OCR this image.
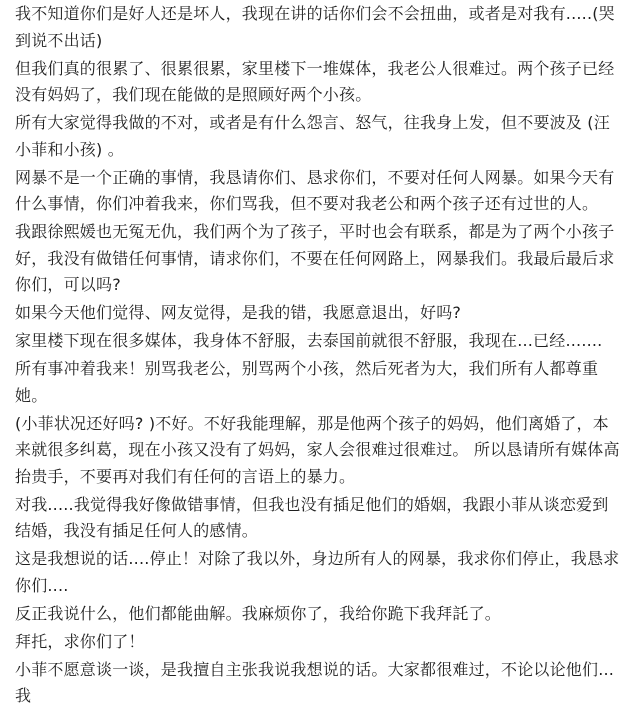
我不知道你们是好人还是坏人，我现在讲的话你们会不会扭曲，或者是对我有.....(哭到说不出话)

但我们真的很累了、很累很累，家里楼下一堆媒体，我老公人很难过。两个孩子已经没有妈妈了，我们现在能做的是照顾好两个小孩。

所有大家觉得我做的不对，或者是有什么怨言、怒气，往我身上发，但不要波及 (汪小菲和小孩) 。

网暴不是一个正确的事情，我恳请你们、恳求你们，不要对任何人网暴。如果今天有什么事情，你们冲着我来，你们骂我，但不要对我老公和两个孩子还有过世的人。

我跟徐熙媛也无冤无仇，我们两个为了孩子，平时也会有联系，都是为了两个小孩子好，我没有做错任何事情，请求你们，不要在任何网路上，网暴我们。我最后最后求你们，可以吗?

如果今天他们觉得、网友觉得，是我的错，我愿意退出，好吗?

家里楼下现在很多媒体，我身体不舒服，去泰国前就很不舒服，我现在...已经.......

所有事冲着我来！别骂我老公，别骂两个小孩，然后死者为大，我们所有人都尊重她。

(小菲状况还好吗? )不好。不好我能理解，那是他两个孩子的妈妈，他们离婚了，本来就很多纠葛，现在小孩又没有了妈妈，家人会很难过很难过。 所以恳请所有媒体高抬贵手，不要再对我们有任何的言语上的暴力。

对我.....我觉得我好像做错事情，但我也没有插足他们的婚姻，我跟小菲从谈恋爱到结婚，我没有插足任何人的感情。

这是我想说的话....停止！对除了我以外，身边所有人的网暴，我求你们停止，我恳求你们....

反正我说什么，他们都能曲解。我麻烦你了，我给你跪下我拜託了。

拜托，求你们了！

小菲不愿意谈一谈，是我擅自主张我说我想说的话。大家都很难过，不论以论他们...我
